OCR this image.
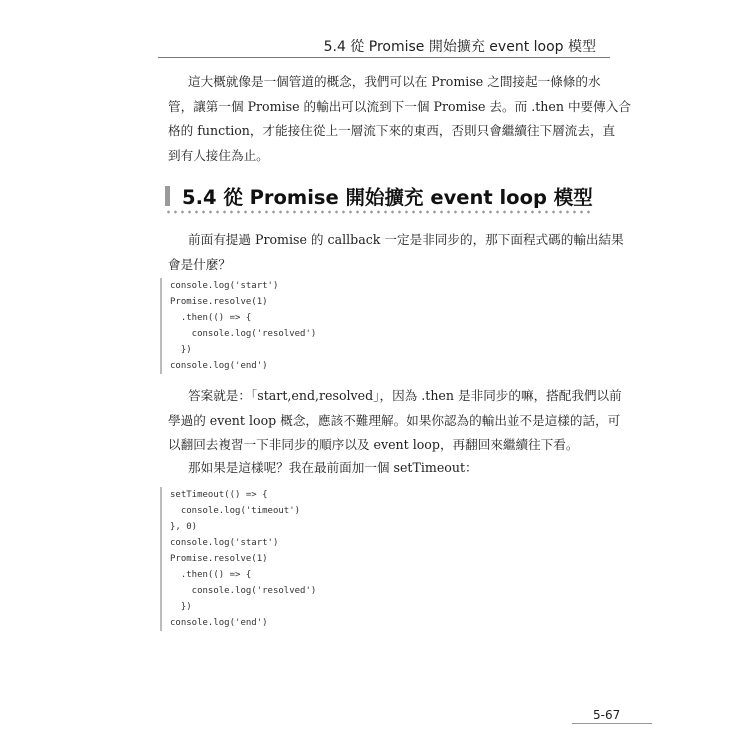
5.4 從 Promise 開始擴充 event loop 模型
這大概就像是一個管道的概念，我們可以在 Promise 之間接起一條條的水
管，讓第一個 Promise 的輸出可以流到下一個 Promise 去。而 .then 中要傳入合
格的 function，才能接住從上一層流下來的東西，否則只會繼續往下層流去，直
到有人接住為止。
5.4 從 Promise 開始擴充 event loop 模型
前面有提過 Promise 的 callback 一定是非同步的，那下面程式碼的輸出結果
會是什麼？
console.log('start')
Promise.resolve(1)
.then(() => {
console.log('resolved')
})
console.log('end')
答案就是：「start,end,resolved」，因為 .then 是非同步的嘛，搭配我們以前
學過的 event loop 概念，應該不難理解。如果你認為的輸出並不是這樣的話，可
以翻回去複習一下非同步的順序以及 event loop，再翻回來繼續往下看。
那如果是這樣呢？我在最前面加一個 setTimeout：
setTimeout(() => {
console.log('timeout')
}, 0)
console.log('start')
Promise.resolve(1)
.then(() => {
console.log('resolved')
})
console.log('end')
5-67
